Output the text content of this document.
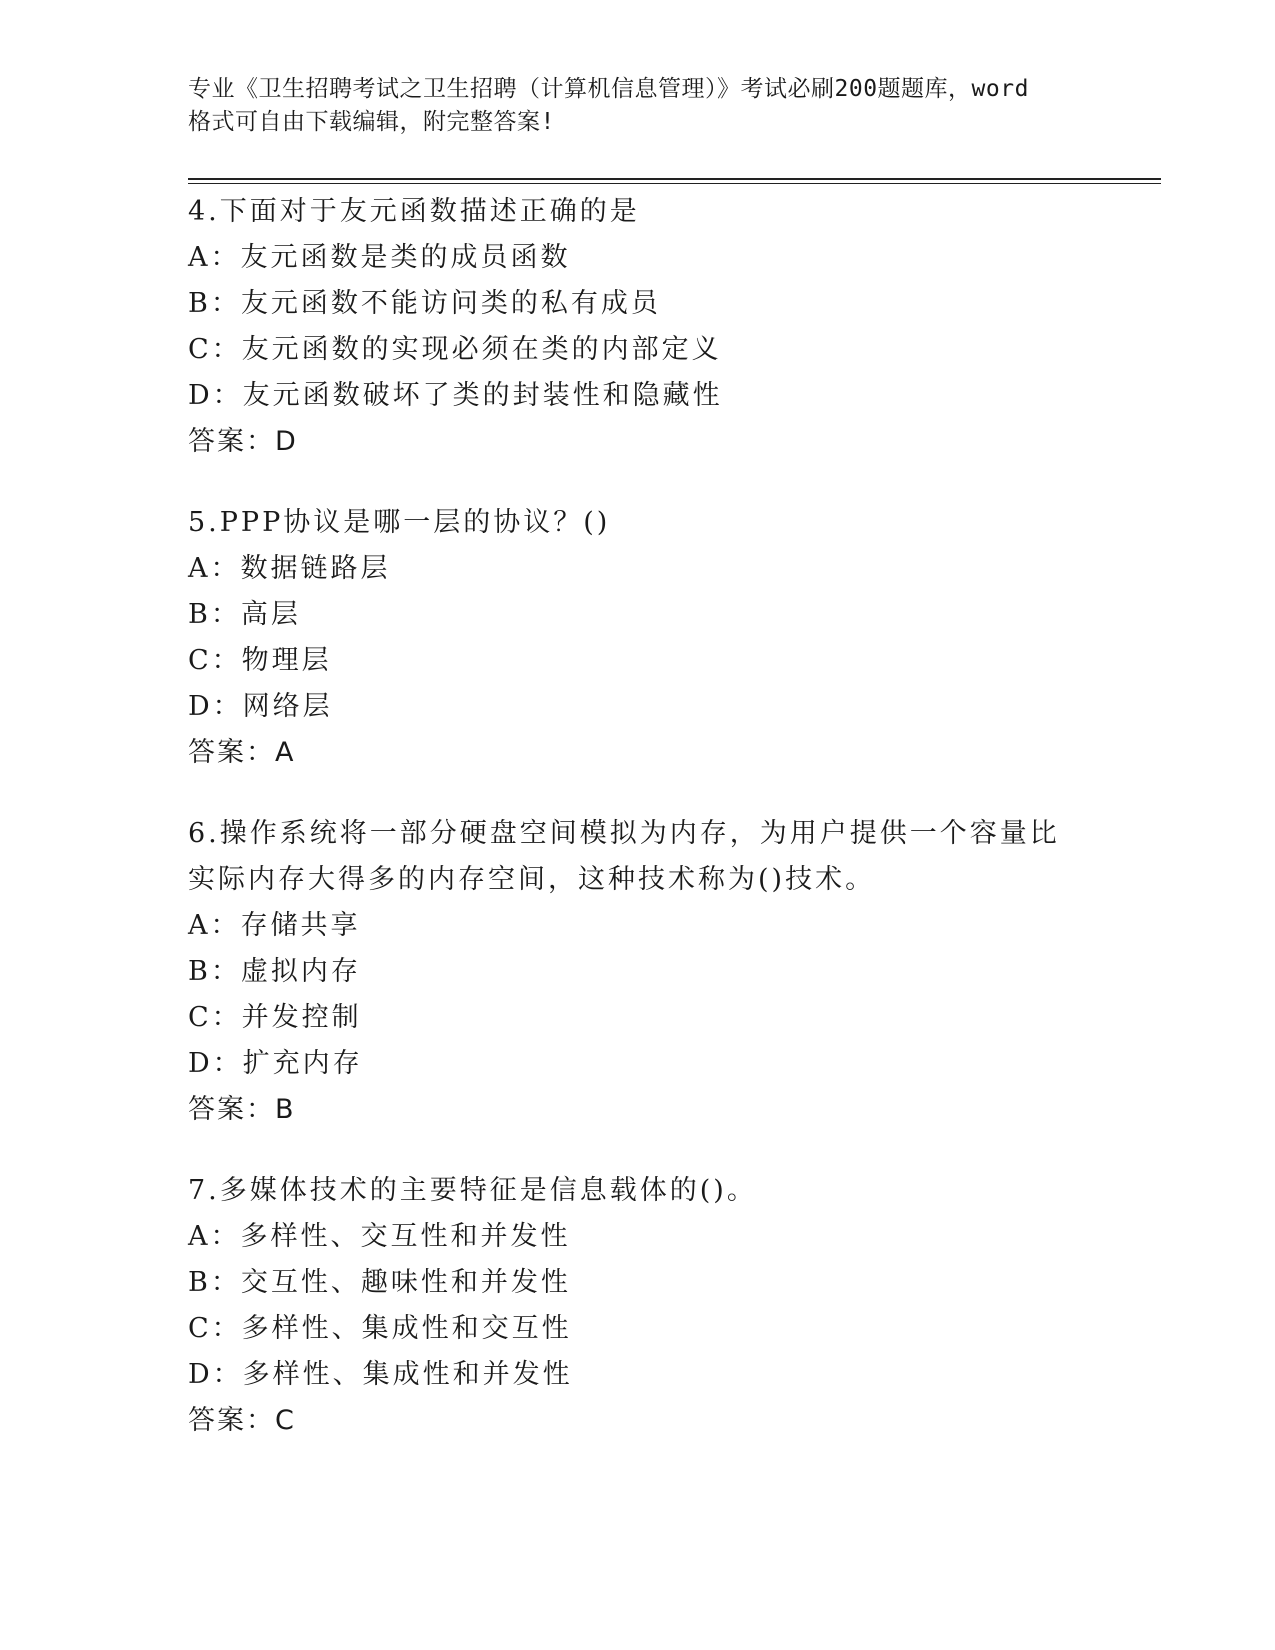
专业《卫生招聘考试之卫生招聘（计算机信息管理）》考试必刷200题题库，word
格式可自由下载编辑，附完整答案!

4.下面对于友元函数描述正确的是

A：友元函数是类的成员函数

B：友元函数不能访问类的私有成员

C：友元函数的实现必须在类的内部定义

D：友元函数破坏了类的封装性和隐藏性

答案：D

5.PPP协议是哪一层的协议？()

A：数据链路层

B：高层

C：物理层

D：网络层

答案：A

6.操作系统将一部分硬盘空间模拟为内存，为用户提供一个容量比实际内存大得多的内存空间，这种技术称为()技术。

A：存储共享

B：虚拟内存

C：并发控制

D：扩充内存

答案：B

7.多媒体技术的主要特征是信息载体的()。

A：多样性、交互性和并发性

B：交互性、趣味性和并发性

C：多样性、集成性和交互性

D：多样性、集成性和并发性

答案：C
